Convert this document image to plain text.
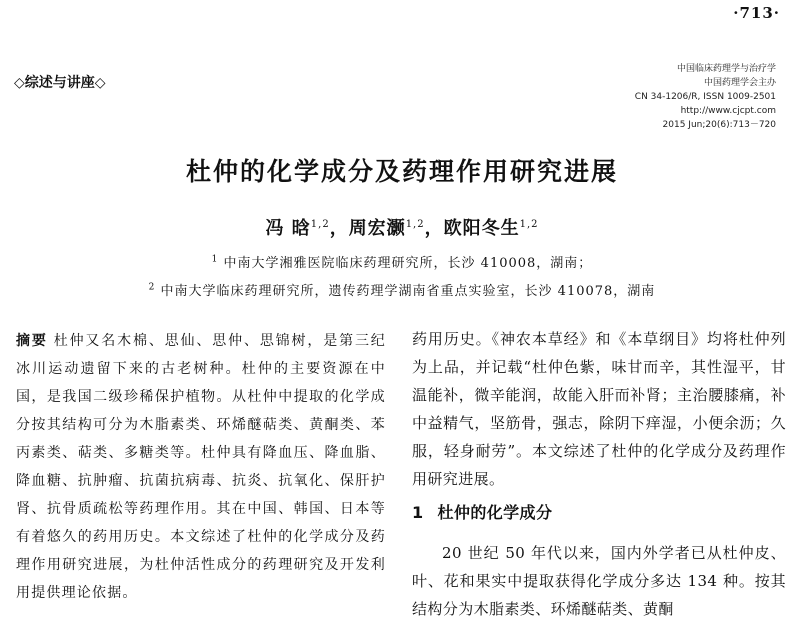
·713·
◇综述与讲座◇
中国临床药理学与治疗学
中国药理学会主办
CN 34-1206/R, ISSN 1009-2501
http://www.cjcpt.com
2015 Jun;20(6):713－720
杜仲的化学成分及药理作用研究进展
冯 晗$^{1,2}$，周宏灏$^{1,2}$，欧阳冬生$^{1,2}$
$^1$ 中南大学湘雅医院临床药理研究所，长沙 410008，湖南；
$^2$ 中南大学临床药理研究所，遗传药理学湖南省重点实验室，长沙 410078，湖南
摘要 杜仲又名木棉、思仙、思仲、思锦树，是第三纪冰川运动遗留下来的古老树种。杜仲的主要资源在中国，是我国二级珍稀保护植物。从杜仲中提取的化学成分按其结构可分为木脂素类、环烯醚萜类、黄酮类、苯丙素类、萜类、多糖类等。杜仲具有降血压、降血脂、降血糖、抗肿瘤、抗菌抗病毒、抗炎、抗氧化、保肝护肾、抗骨质疏松等药理作用。其在中国、韩国、日本等有着悠久的药用历史。本文综述了杜仲的化学成分及药理作用研究进展，为杜仲活性成分的药理研究及开发利用提供理论依据。

药用历史。《神农本草经》和《本草纲目》均将杜仲列为上品，并记载“杜仲色紫，味甘而辛，其性湿平，甘温能补，微辛能润，故能入肝而补肾；主治腰膝痛，补中益精气，坚筋骨，强志，除阴下痒湿，小便余沥；久服，轻身耐劳”。本文综述了杜仲的化学成分及药理作用研究进展。

1 杜仲的化学成分

20 世纪 50 年代以来，国内外学者已从杜仲皮、叶、花和果实中提取获得化学成分多达 134 种。按其结构分为木脂素类、环烯醚萜类、黄酮
